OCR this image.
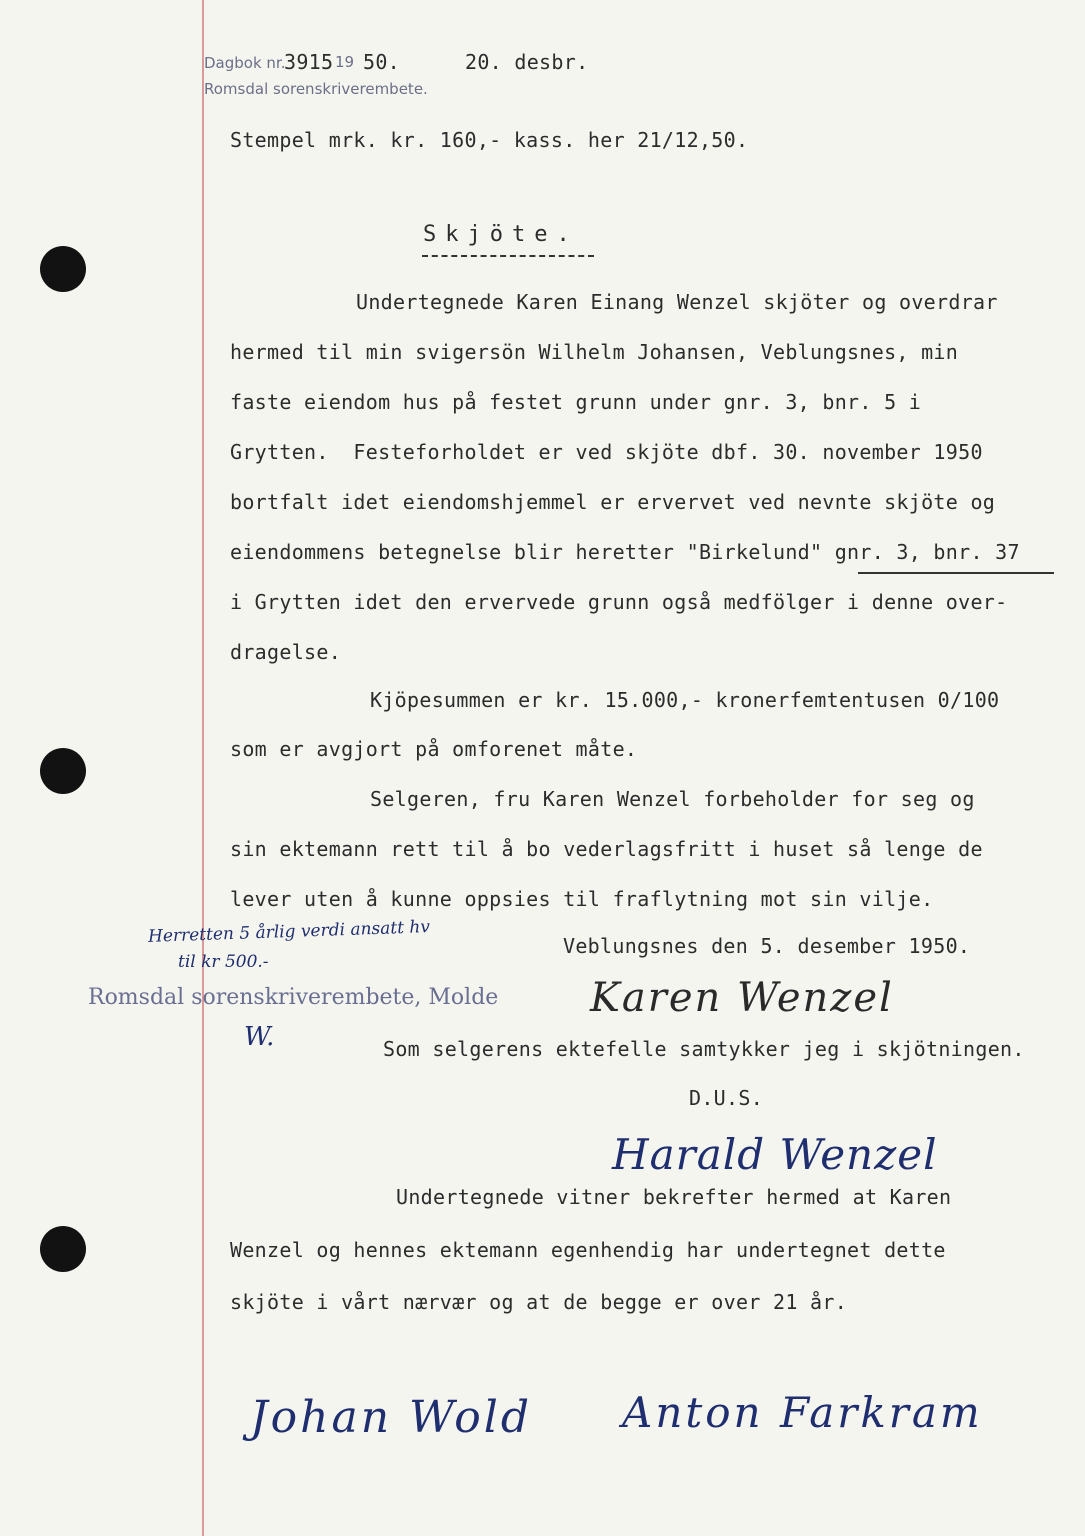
Dagbok nr.
3915 19 50.	20. desbr.
Romsdal sorenskriverembete.
Stempel mrk. kr. 160,- kass. her 21/12,50.
Skjöte.
Undertegnede Karen Einang Wenzel skjöter og overdrar
hermed til min svigersön Wilhelm Johansen, Veblungsnes, min
faste eiendom hus på festet grunn under gnr. 3, bnr. 5 i
Grytten.  Festeforholdet er ved skjöte dbf. 30. november 1950
bortfalt idet eiendomshjemmel er ervervet ved nevnte skjöte og
eiendommens betegnelse blir heretter "Birkelund" gnr. 3, bnr. 37
i Grytten idet den ervervede grunn også medfölger i denne over-
dragelse.
Kjöpesummen er kr. 15.000,- kronerfemtentusen 0/100
som er avgjort på omforenet måte.
Selgeren, fru Karen Wenzel forbeholder for seg og
sin ektemann rett til å bo vederlagsfritt i huset så lenge de
lever uten å kunne oppsies til fraflytning mot sin vilje.
Herretten 5 årlig verdi ansatt hv
til kr 500.-
Veblungsnes den 5. desember 1950.
Romsdal sorenskriverembete, Molde
W.
Karen Wenzel
Som selgerens ektefelle samtykker jeg i skjötningen.
D.U.S.
Harald Wenzel
Undertegnede vitner bekrefter hermed at Karen
Wenzel og hennes ektemann egenhendig har undertegnet dette
skjöte i vårt nærvær og at de begge er over 21 år.
Johan Wold Anton Farkram
